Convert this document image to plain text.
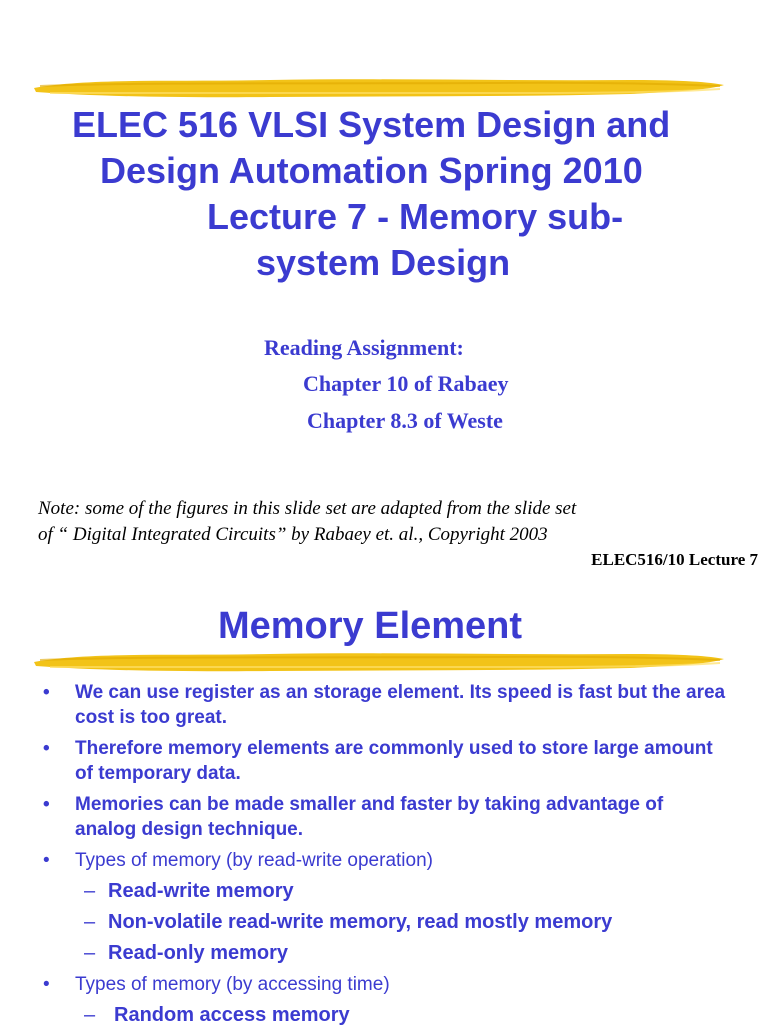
ELEC 516 VLSI System Design and
Design Automation Spring 2010
Lecture 7 - Memory sub-
system Design
Reading Assignment:
Chapter 10 of Rabaey
Chapter 8.3 of Weste
Note: some of the figures in this slide set are adapted from the slide set
of “ Digital Integrated Circuits” by Rabaey et. al., Copyright 2003
ELEC516/10 Lecture 7
Memory Element
• We can use register as an storage element. Its speed is fast but the area cost is too great.
• Therefore memory elements are commonly used to store large amount of temporary data.
• Memories can be made smaller and faster by taking advantage of analog design technique.
• Types of memory (by read-write operation)
– Read-write memory
– Non-volatile read-write memory, read mostly memory
– Read-only memory
• Types of memory (by accessing time)
– Random access memory
